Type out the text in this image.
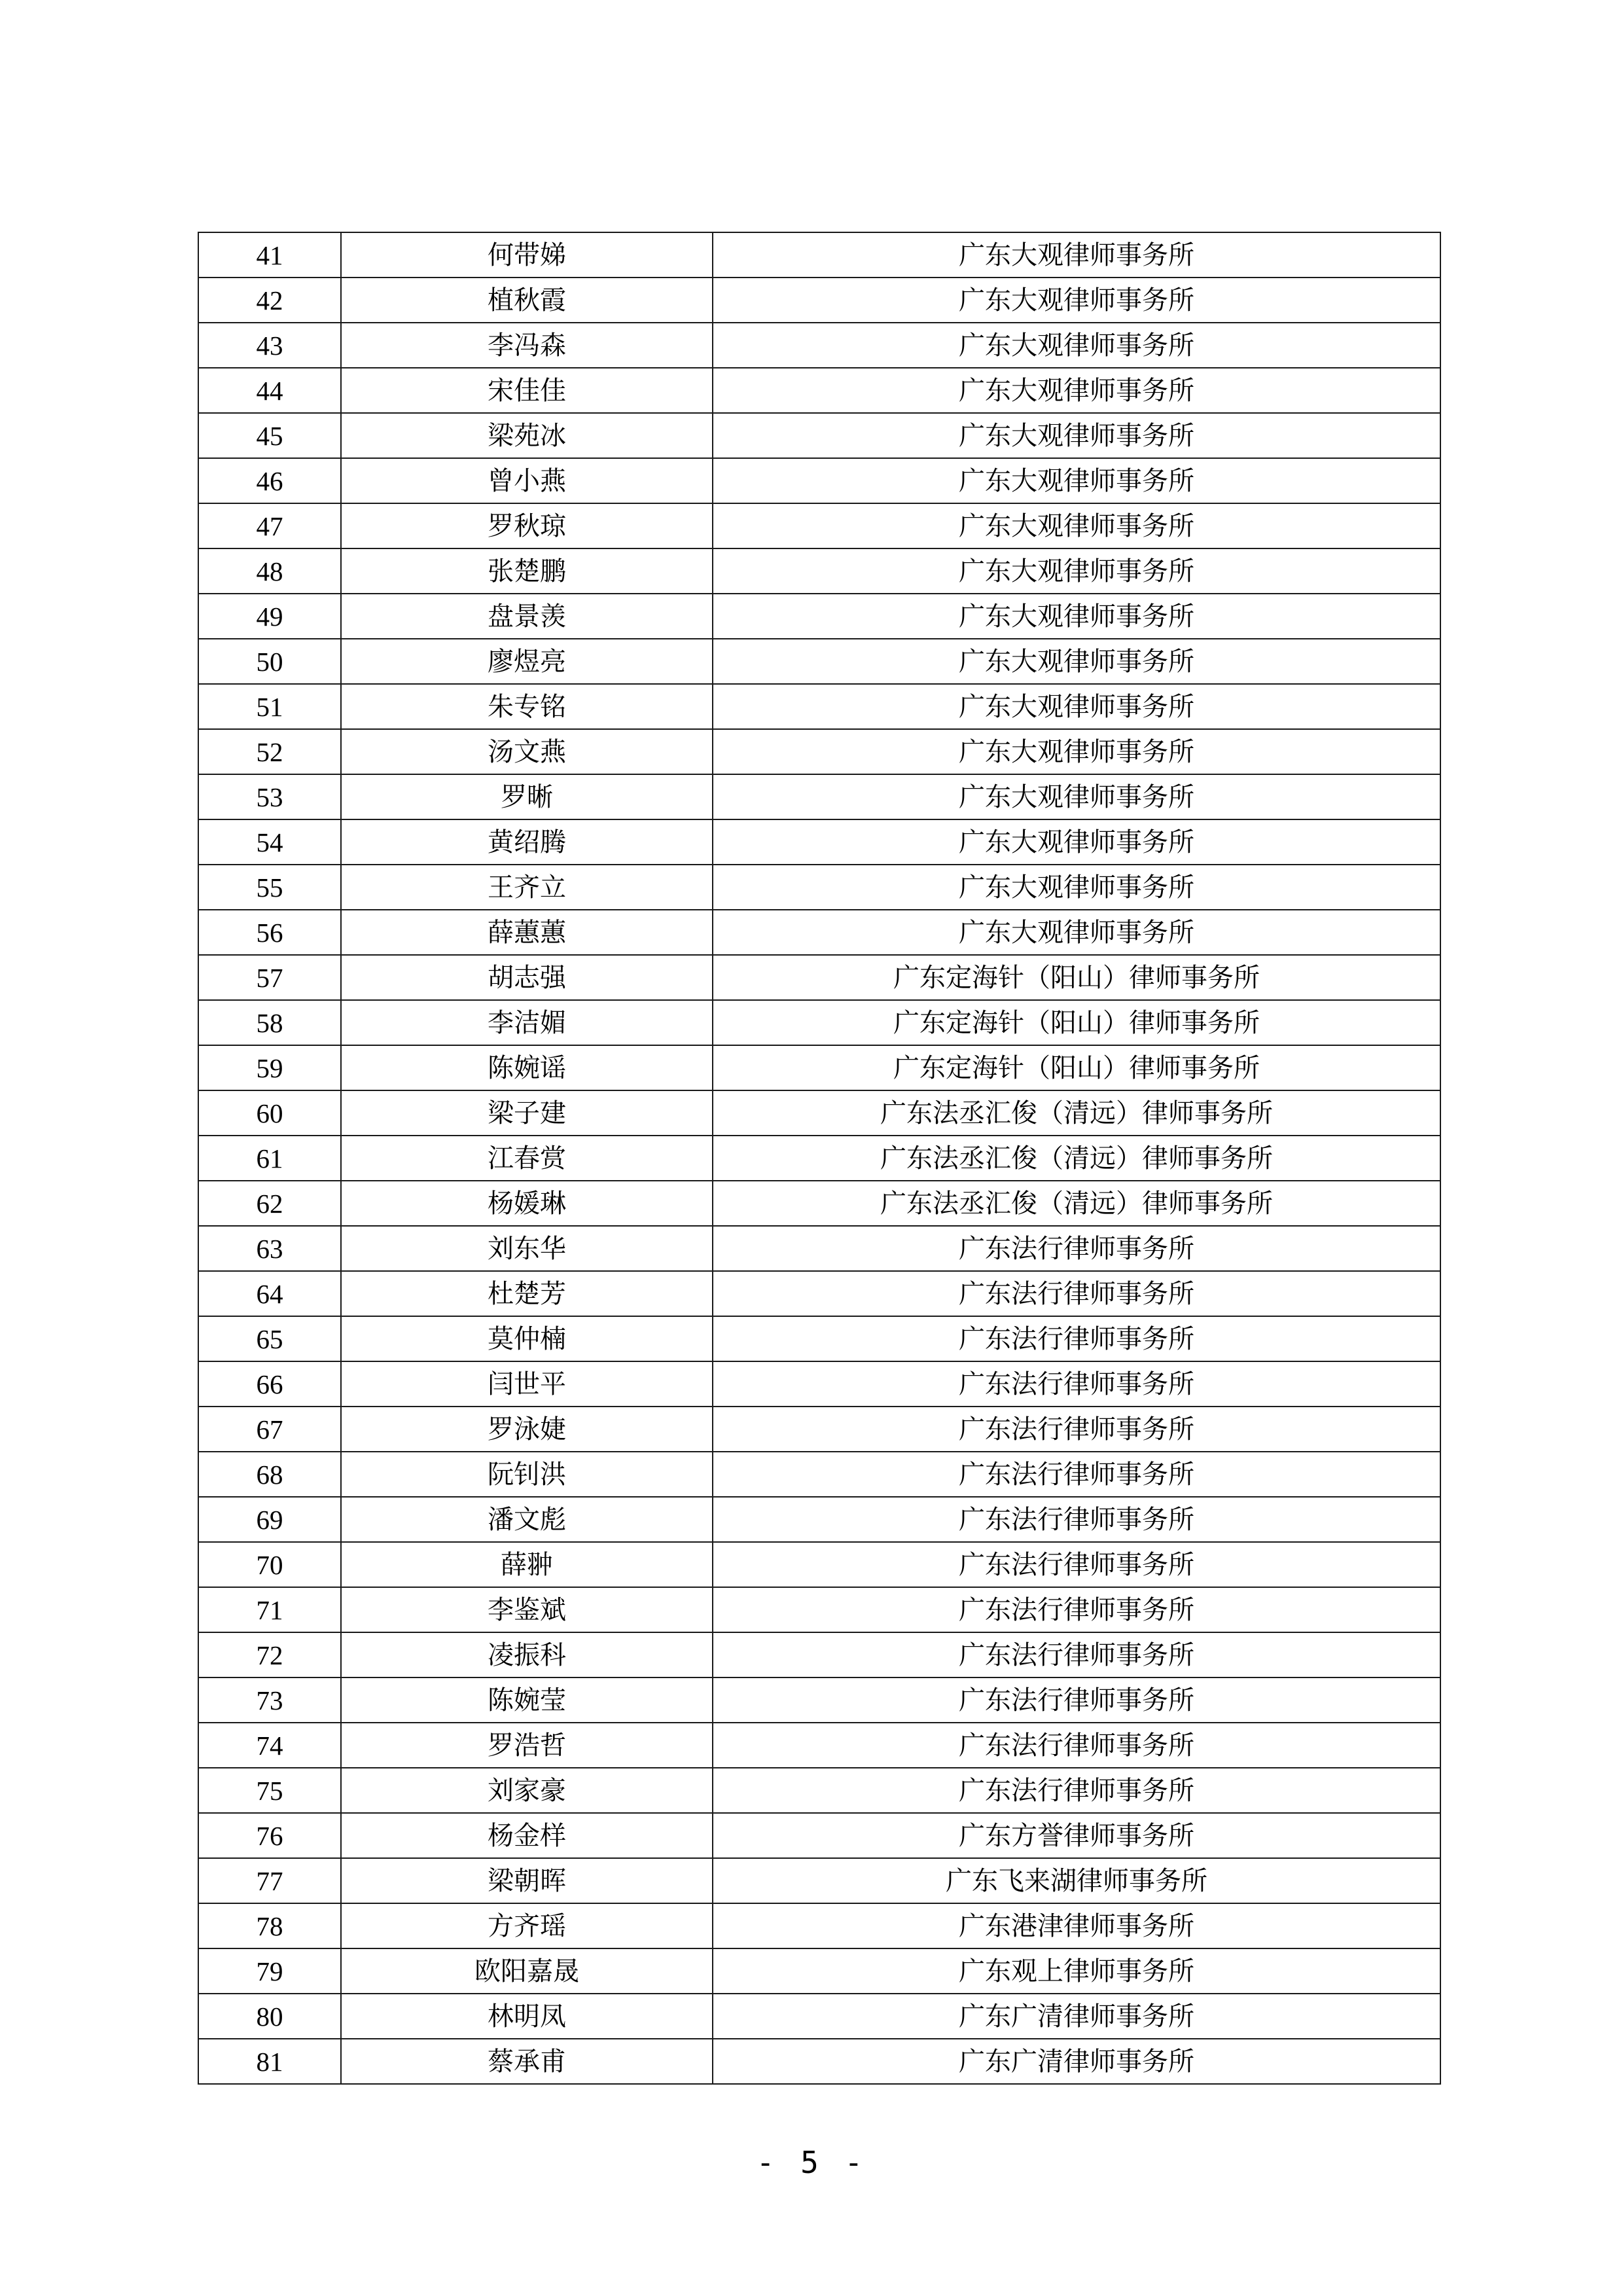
41	何带娣	广东大观律师事务所
42	植秋霞	广东大观律师事务所
43	李冯森	广东大观律师事务所
44	宋佳佳	广东大观律师事务所
45	梁苑冰	广东大观律师事务所
46	曾小燕	广东大观律师事务所
47	罗秋琼	广东大观律师事务所
48	张楚鹏	广东大观律师事务所
49	盘景羡	广东大观律师事务所
50	廖煜亮	广东大观律师事务所
51	朱专铭	广东大观律师事务所
52	汤文燕	广东大观律师事务所
53	罗晰	广东大观律师事务所
54	黄绍腾	广东大观律师事务所
55	王齐立	广东大观律师事务所
56	薛蕙蕙	广东大观律师事务所
57	胡志强	广东定海针（阳山）律师事务所
58	李洁媚	广东定海针（阳山）律师事务所
59	陈婉谣	广东定海针（阳山）律师事务所
60	梁子建	广东法丞汇俊（清远）律师事务所
61	江春赏	广东法丞汇俊（清远）律师事务所
62	杨媛琳	广东法丞汇俊（清远）律师事务所
63	刘东华	广东法行律师事务所
64	杜楚芳	广东法行律师事务所
65	莫仲楠	广东法行律师事务所
66	闫世平	广东法行律师事务所
67	罗泳婕	广东法行律师事务所
68	阮钊洪	广东法行律师事务所
69	潘文彪	广东法行律师事务所
70	薛翀	广东法行律师事务所
71	李鉴斌	广东法行律师事务所
72	凌振科	广东法行律师事务所
73	陈婉莹	广东法行律师事务所
74	罗浩哲	广东法行律师事务所
75	刘家豪	广东法行律师事务所
76	杨金样	广东方誉律师事务所
77	梁朝晖	广东飞来湖律师事务所
78	方齐瑶	广东港津律师事务所
79	欧阳嘉晟	广东观上律师事务所
80	林明凤	广东广清律师事务所
81	蔡承甫	广东广清律师事务所
- 5 -
